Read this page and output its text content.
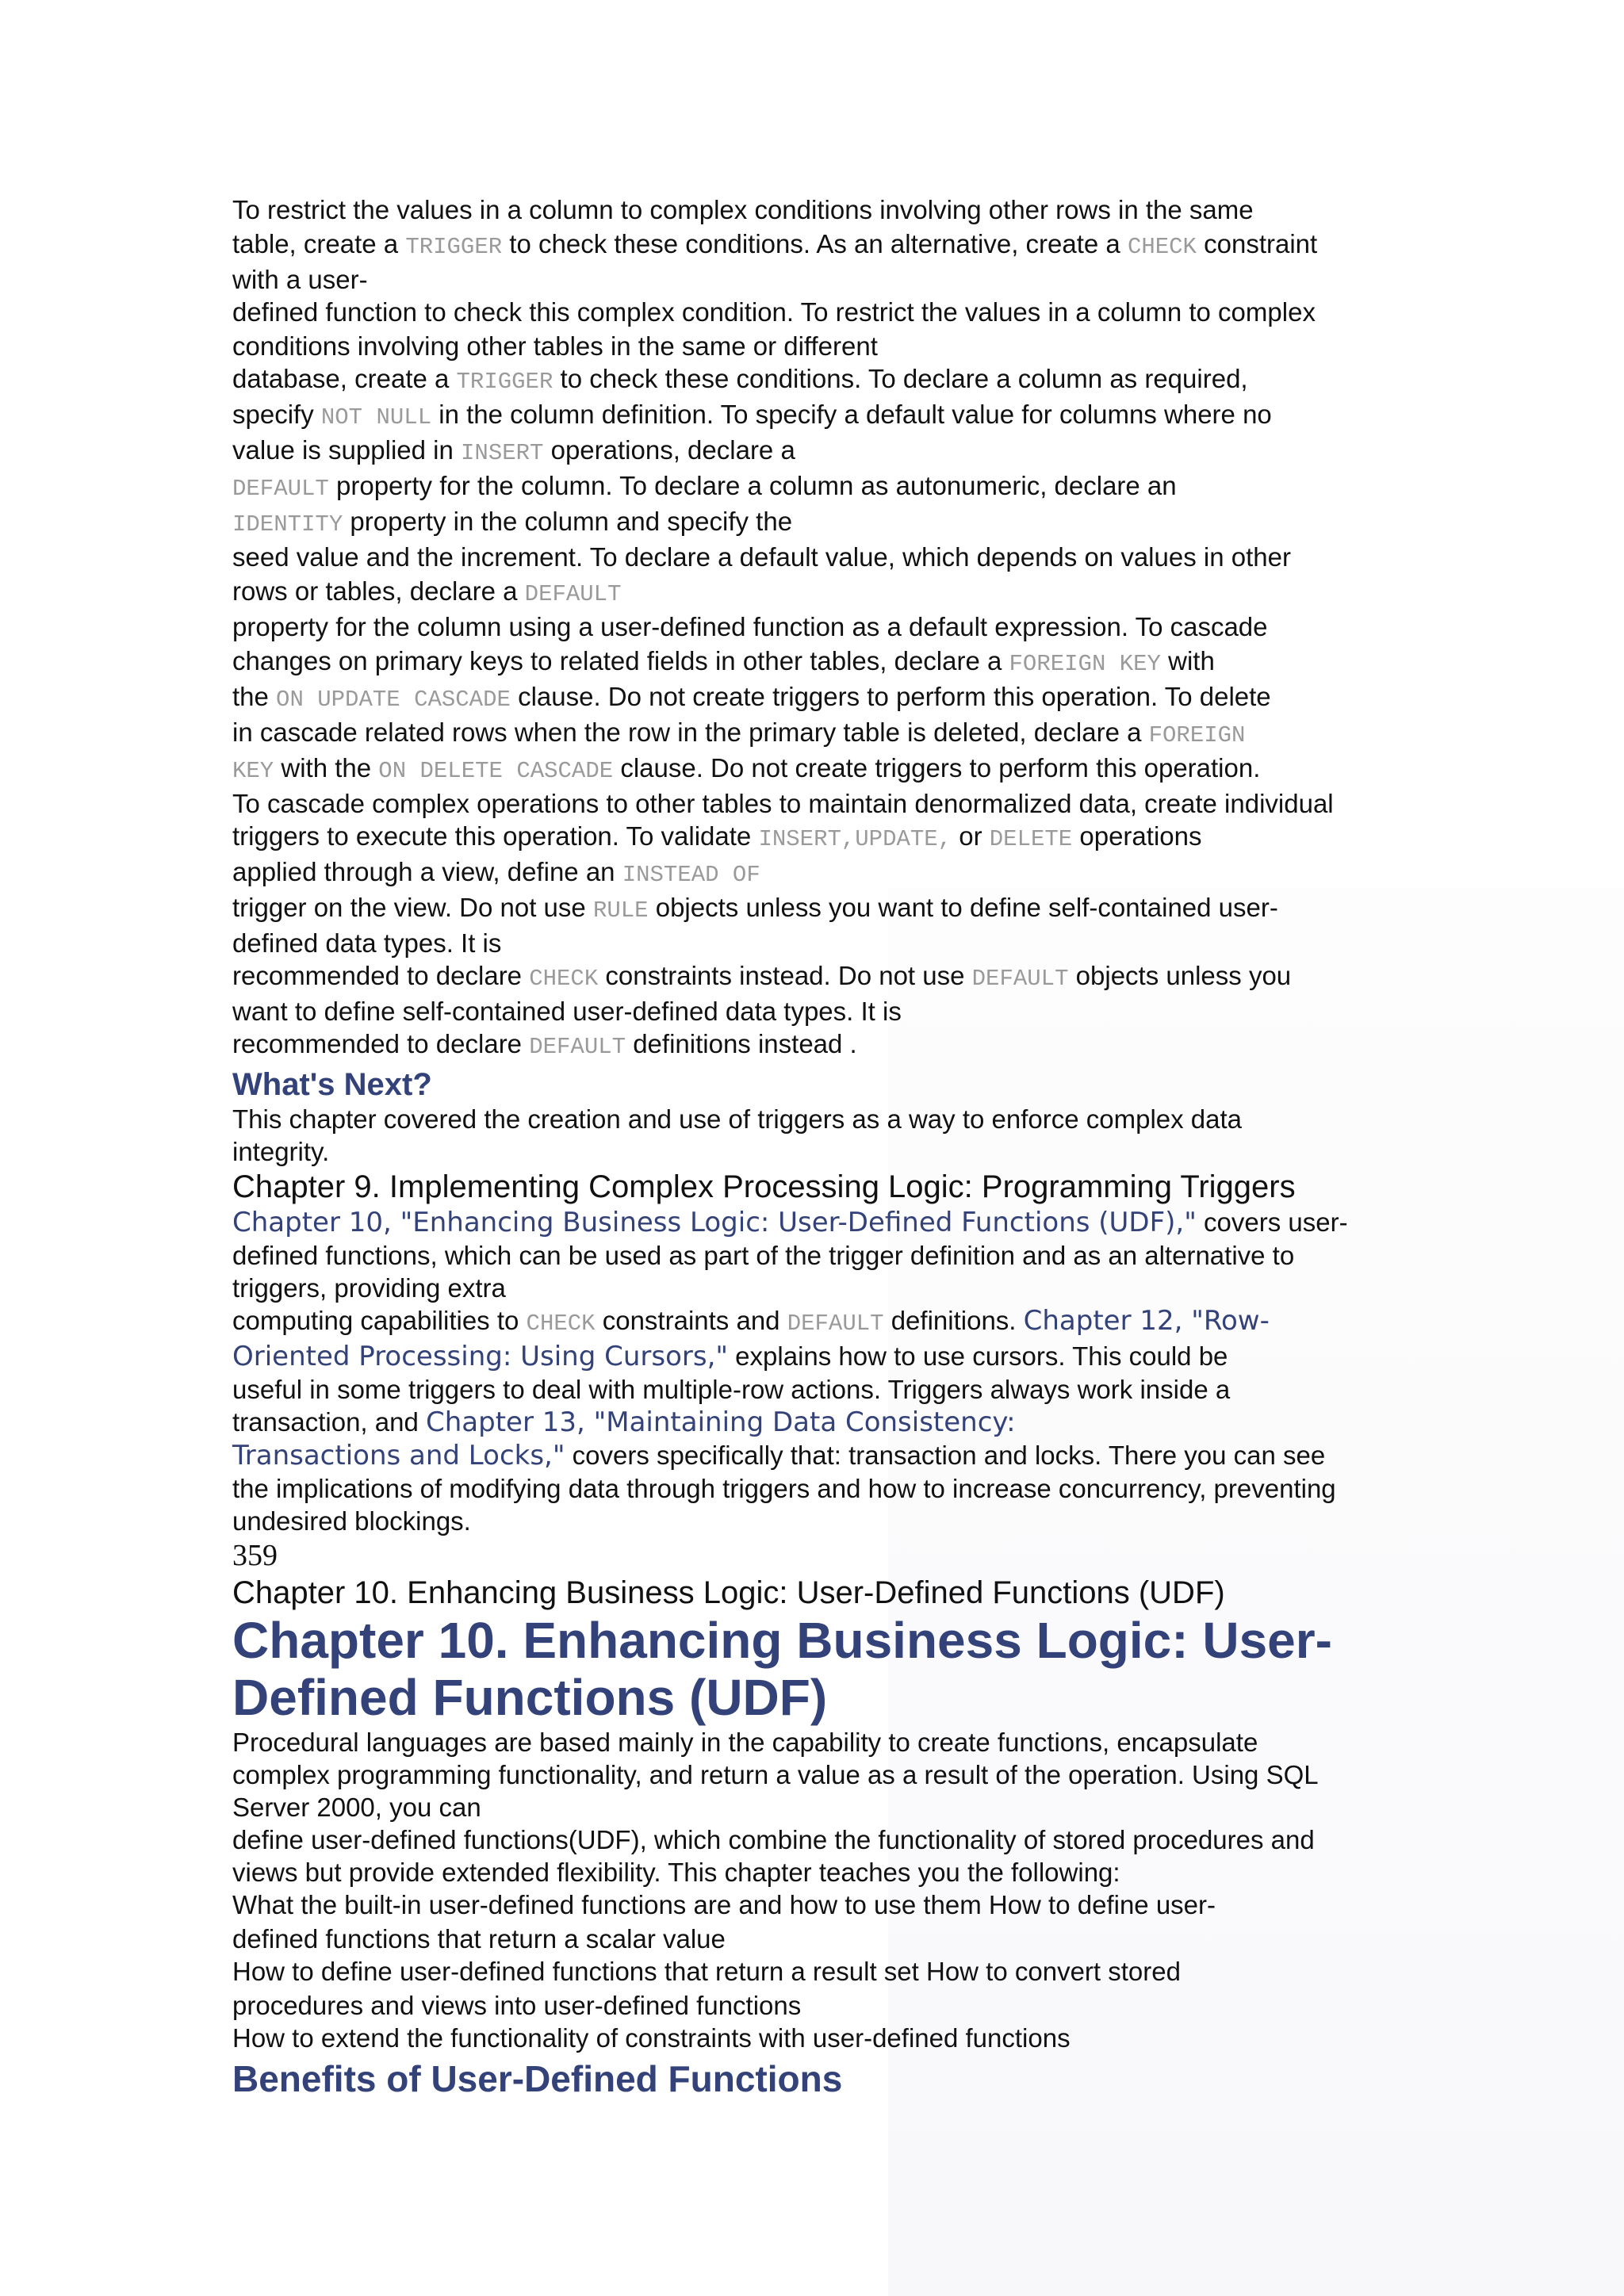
To restrict the values in a column to complex conditions involving other rows in the same
table, create a TRIGGER to check these conditions. As an alternative, create a CHECK constraint
with a user-
defined function to check this complex condition. To restrict the values in a column to complex
conditions involving other tables in the same or different
database, create a TRIGGER to check these conditions. To declare a column as required,
specify NOT NULL in the column definition. To specify a default value for columns where no
value is supplied in INSERT operations, declare a
DEFAULT property for the column. To declare a column as autonumeric, declare an
IDENTITY property in the column and specify the
seed value and the increment. To declare a default value, which depends on values in other
rows or tables, declare a DEFAULT
property for the column using a user-defined function as a default expression. To cascade
changes on primary keys to related fields in other tables, declare a FOREIGN KEY with
the ON UPDATE CASCADE clause. Do not create triggers to perform this operation. To delete
in cascade related rows when the row in the primary table is deleted, declare a FOREIGN
KEY with the ON DELETE CASCADE clause. Do not create triggers to perform this operation.
To cascade complex operations to other tables to maintain denormalized data, create individual
triggers to execute this operation. To validate INSERT,UPDATE, or DELETE operations
applied through a view, define an INSTEAD OF
trigger on the view. Do not use RULE objects unless you want to define self-contained user-
defined data types. It is
recommended to declare CHECK constraints instead. Do not use DEFAULT objects unless you
want to define self-contained user-defined data types. It is
recommended to declare DEFAULT definitions instead .
What's Next?
This chapter covered the creation and use of triggers as a way to enforce complex data
integrity.
Chapter 9. Implementing Complex Processing Logic: Programming Triggers
Chapter 10, "Enhancing Business Logic: User-Defined Functions (UDF)," covers user-
defined functions, which can be used as part of the trigger definition and as an alternative to
triggers, providing extra
computing capabilities to CHECK constraints and DEFAULT definitions. Chapter 12, "Row-
Oriented Processing: Using Cursors," explains how to use cursors. This could be
useful in some triggers to deal with multiple-row actions. Triggers always work inside a
transaction, and Chapter 13, "Maintaining Data Consistency:
Transactions and Locks," covers specifically that: transaction and locks. There you can see
the implications of modifying data through triggers and how to increase concurrency, preventing
undesired blockings.
359
Chapter 10. Enhancing Business Logic: User-Defined Functions (UDF)
Chapter 10. Enhancing Business Logic: User-
Defined Functions (UDF)
Procedural languages are based mainly in the capability to create functions, encapsulate
complex programming functionality, and return a value as a result of the operation. Using SQL
Server 2000, you can
define user-defined functions(UDF), which combine the functionality of stored procedures and
views but provide extended flexibility. This chapter teaches you the following:
What the built-in user-defined functions are and how to use them How to define user-
defined functions that return a scalar value
How to define user-defined functions that return a result set How to convert stored
procedures and views into user-defined functions
How to extend the functionality of constraints with user-defined functions
Benefits of User-Defined Functions
